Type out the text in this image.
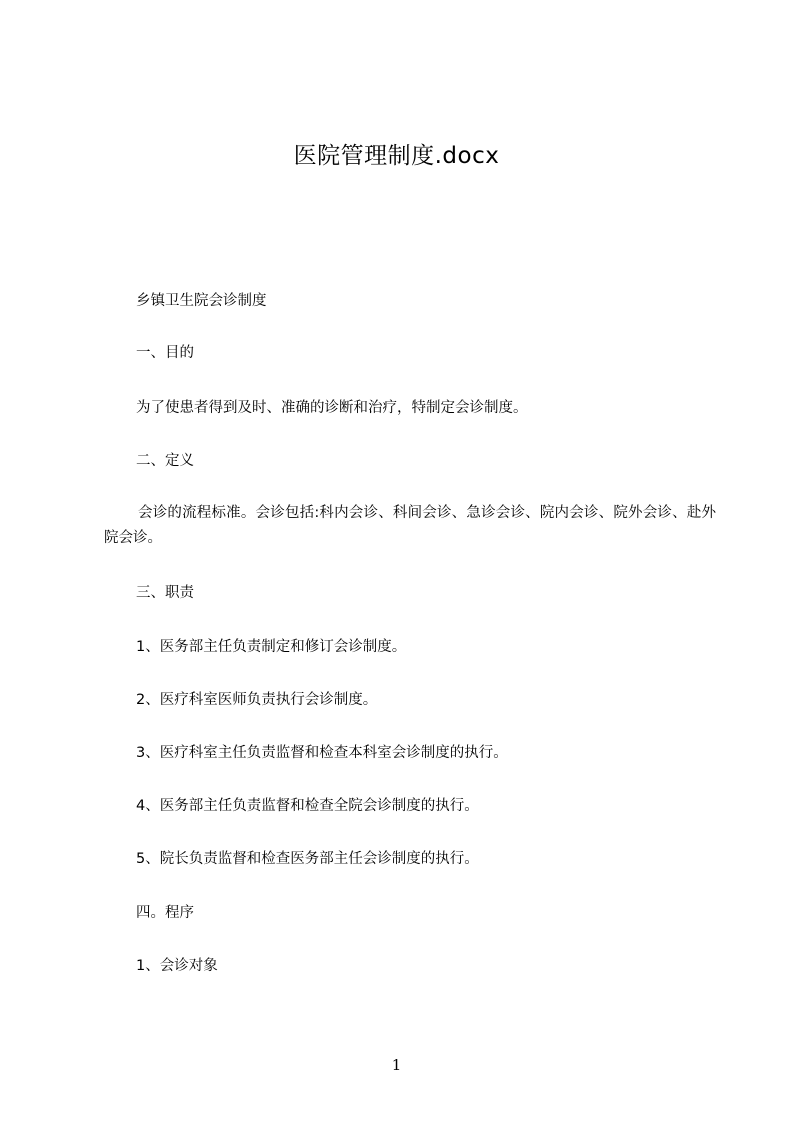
医院管理制度.docx
乡镇卫生院会诊制度
一、目的
为了使患者得到及时、准确的诊断和治疗，特制定会诊制度。
二、定义
会诊的流程标准。会诊包括:科内会诊、科间会诊、急诊会诊、院内会诊、院外会诊、赴外院会诊。
三、职责
1、医务部主任负责制定和修订会诊制度。
2、医疗科室医师负责执行会诊制度。
3、医疗科室主任负责监督和检查本科室会诊制度的执行。
4、医务部主任负责监督和检查全院会诊制度的执行。
5、院长负责监督和检查医务部主任会诊制度的执行。
四。程序
1、会诊对象
1
